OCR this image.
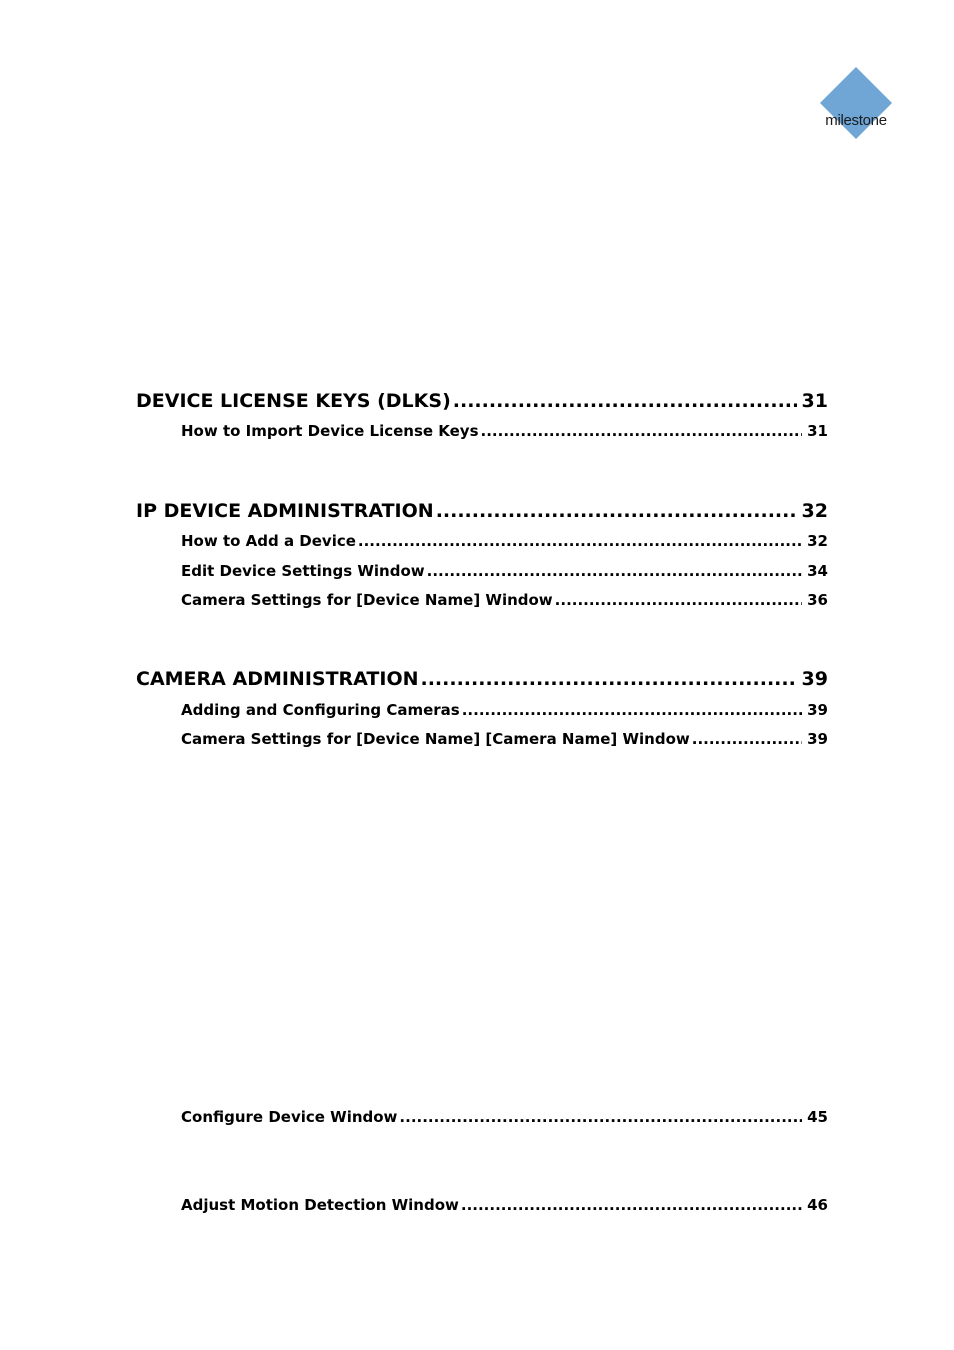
milestone
DEVICE LICENSE KEYS (DLKS) .....	31
How to Import Device License Keys .....	31
IP DEVICE ADMINISTRATION .....	32
How to Add a Device .....	32
Edit Device Settings Window .....	34
Camera Settings for [Device Name] Window .....	36
CAMERA ADMINISTRATION .....	39
Adding and Configuring Cameras .....	39
Camera Settings for [Device Name] [Camera Name] Window .....	39
Configure Device Window .....	45
Adjust Motion Detection Window .....	46
